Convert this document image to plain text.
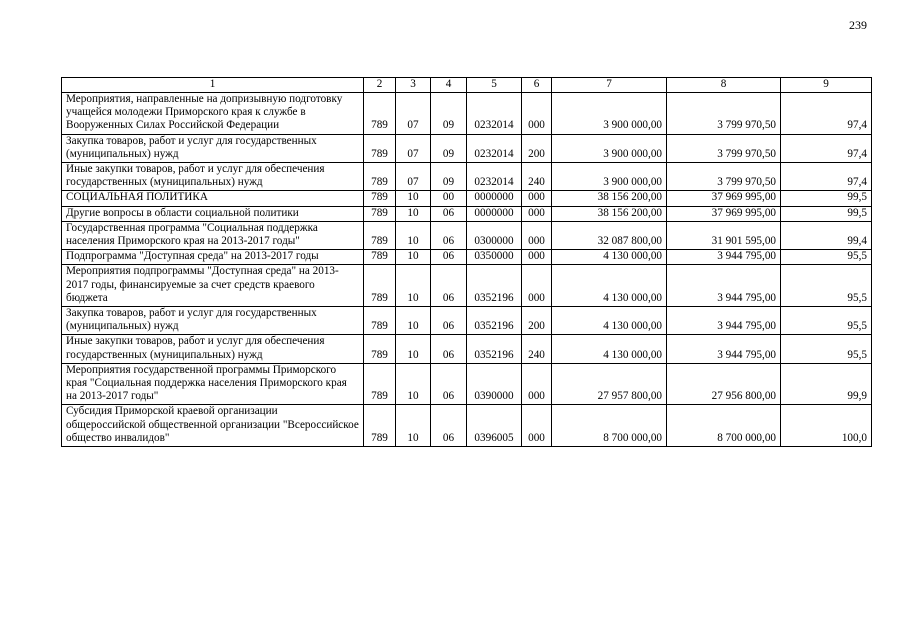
239
1	2	3	4	5	6	7	8	9
Мероприятия, направленные на допризывную подготовку учащейся молодежи Приморского края к службе в Вооруженных Силах Российской Федерации	789	07	09	0232014	000	3 900 000,00	3 799 970,50	97,4
Закупка товаров, работ и услуг для государственных (муниципальных) нужд	789	07	09	0232014	200	3 900 000,00	3 799 970,50	97,4
Иные закупки товаров, работ и услуг для обеспечения государственных (муниципальных) нужд	789	07	09	0232014	240	3 900 000,00	3 799 970,50	97,4
СОЦИАЛЬНАЯ ПОЛИТИКА	789	10	00	0000000	000	38 156 200,00	37 969 995,00	99,5
Другие вопросы в области социальной политики	789	10	06	0000000	000	38 156 200,00	37 969 995,00	99,5
Государственная программа "Социальная поддержка населения Приморского края на 2013-2017 годы"	789	10	06	0300000	000	32 087 800,00	31 901 595,00	99,4
Подпрограмма "Доступная среда" на 2013-2017 годы	789	10	06	0350000	000	4 130 000,00	3 944 795,00	95,5
Мероприятия подпрограммы "Доступная среда" на 2013-2017 годы, финансируемые за счет средств краевого бюджета	789	10	06	0352196	000	4 130 000,00	3 944 795,00	95,5
Закупка товаров, работ и услуг для государственных (муниципальных) нужд	789	10	06	0352196	200	4 130 000,00	3 944 795,00	95,5
Иные закупки товаров, работ и услуг для обеспечения государственных (муниципальных) нужд	789	10	06	0352196	240	4 130 000,00	3 944 795,00	95,5
Мероприятия государственной программы Приморского края "Социальная поддержка населения Приморского края на 2013-2017 годы"	789	10	06	0390000	000	27 957 800,00	27 956 800,00	99,9
Субсидия Приморской краевой организации общероссийской общественной организации "Всероссийское общество инвалидов"	789	10	06	0396005	000	8 700 000,00	8 700 000,00	100,0
